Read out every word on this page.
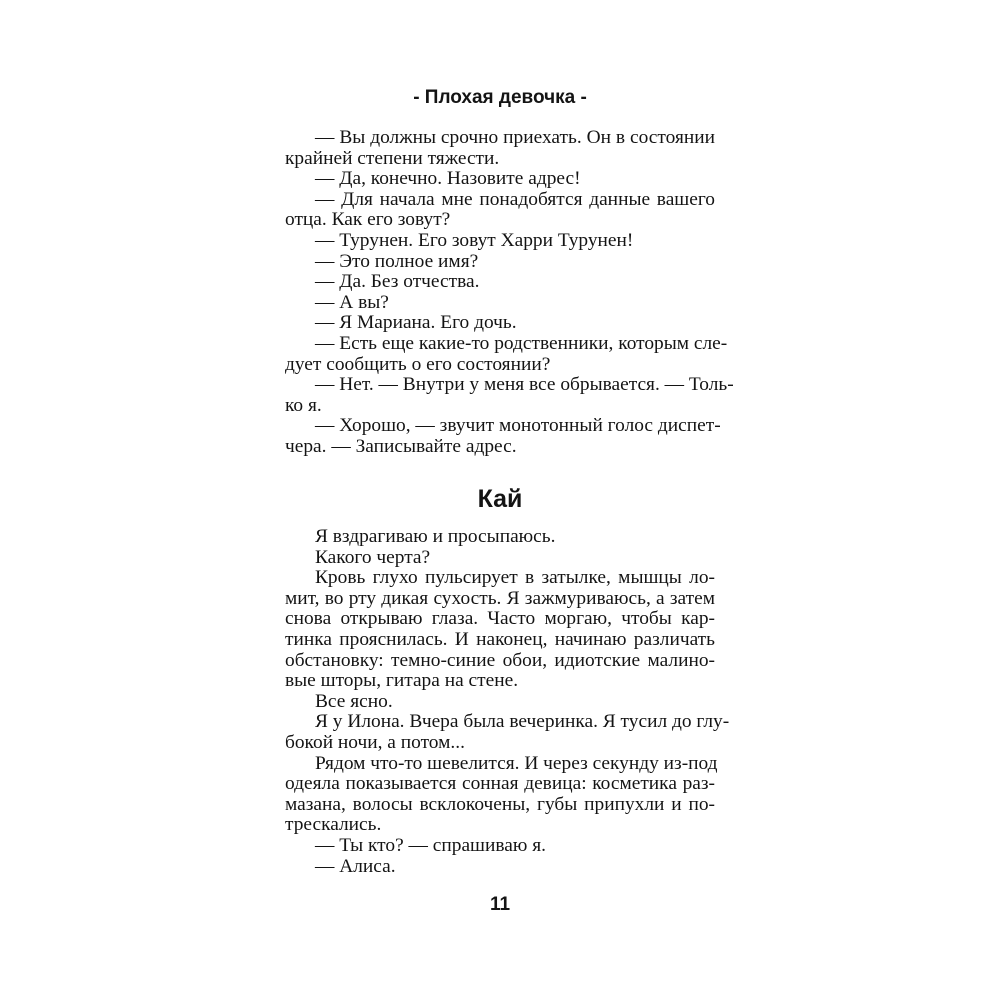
- Плохая девочка -
— Вы должны срочно приехать. Он в состоянии
крайней степени тяжести.
— Да, конечно. Назовите адрес!
— Для начала мне понадобятся данные вашего
отца. Как его зовут?
— Турунен. Его зовут Харри Турунен!
— Это полное имя?
— Да. Без отчества.
— А вы?
— Я Мариана. Его дочь.
— Есть еще какие-то родственники, которым сле-
дует сообщить о его состоянии?
— Нет. — Внутри у меня все обрывается. — Толь-
ко я.
— Хорошо, — звучит монотонный голос диспет-
чера. — Записывайте адрес.
Кай
Я вздрагиваю и просыпаюсь.
Какого черта?
Кровь глухо пульсирует в затылке, мышцы ло-
мит, во рту дикая сухость. Я зажмуриваюсь, а затем
снова открываю глаза. Часто моргаю, чтобы кар-
тинка прояснилась. И наконец, начинаю различать
обстановку: темно-синие обои, идиотские малино-
вые шторы, гитара на стене.
Все ясно.
Я у Илона. Вчера была вечеринка. Я тусил до глу-
бокой ночи, а потом...
Рядом что-то шевелится. И через секунду из-под
одеяла показывается сонная девица: косметика раз-
мазана, волосы всклокочены, губы припухли и по-
трескались.
— Ты кто? — спрашиваю я.
— Алиса.
11
